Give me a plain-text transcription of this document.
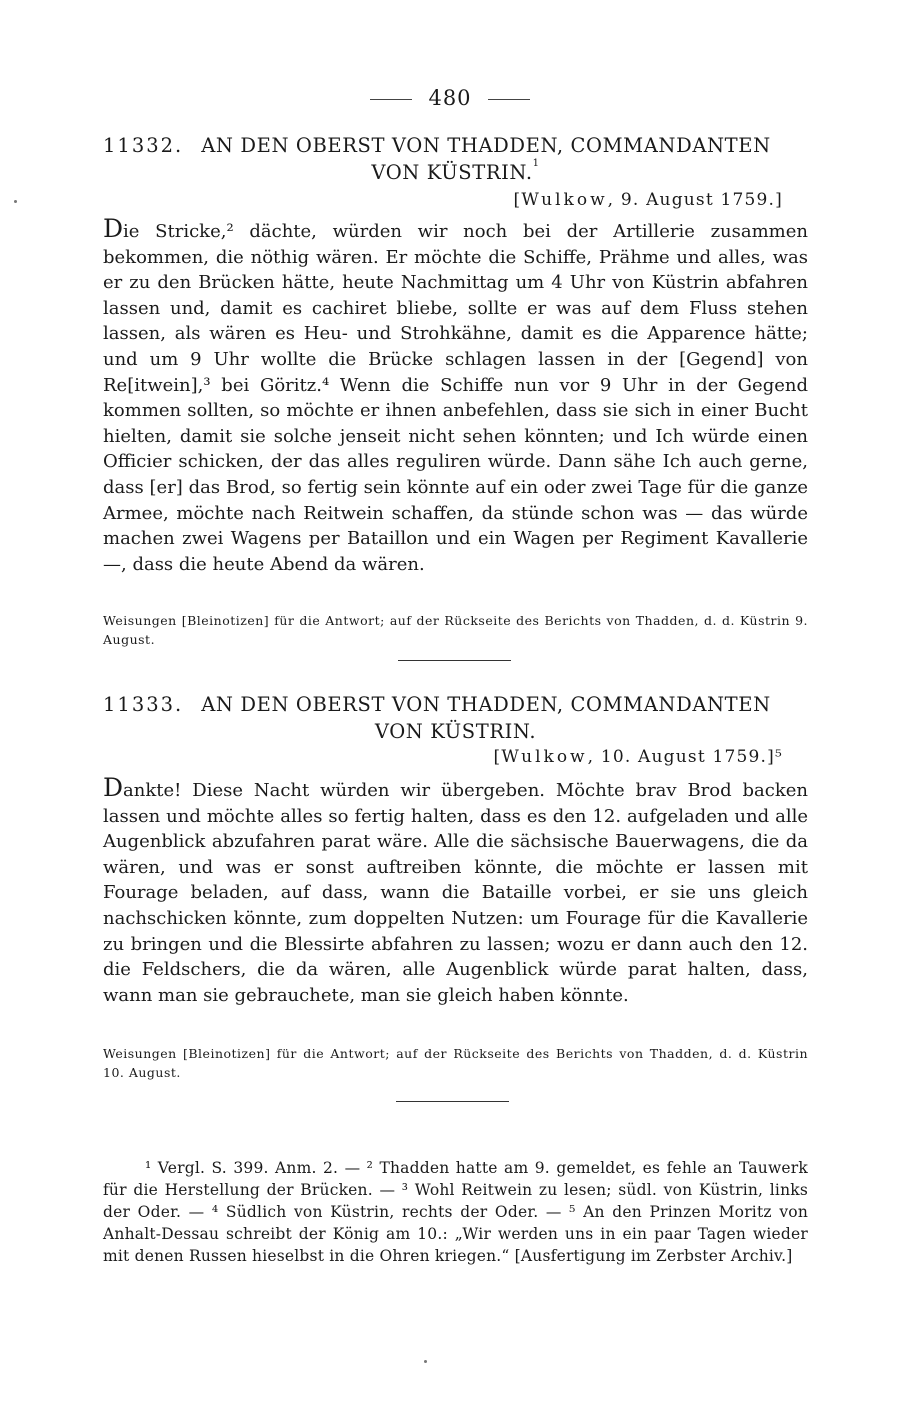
480
11332. AN DEN OBERST VON THADDEN, COMMANDANTEN
VON KÜSTRIN.$^1$
[Wulkow, 9. August 1759.]
Die Stricke,² dächte, würden wir noch bei der Artillerie zusammen bekommen, die nöthig wären. Er möchte die Schiffe, Prähme und alles, was er zu den Brücken hätte, heute Nachmittag um 4 Uhr von Küstrin abfahren lassen und, damit es cachiret bliebe, sollte er was auf dem Fluss stehen lassen, als wären es Heu- und Strohkähne, damit es die Apparence hätte; und um 9 Uhr wollte die Brücke schlagen lassen in der [Gegend] von Re[itwein],³ bei Göritz.⁴ Wenn die Schiffe nun vor 9 Uhr in der Gegend kommen sollten, so möchte er ihnen anbefehlen, dass sie sich in einer Bucht hielten, damit sie solche jenseit nicht sehen könnten; und Ich würde einen Officier schicken, der das alles reguliren würde. Dann sähe Ich auch gerne, dass [er] das Brod, so fertig sein könnte auf ein oder zwei Tage für die ganze Armee, möchte nach Reitwein schaffen, da stünde schon was — das würde machen zwei Wagens per Bataillon und ein Wagen per Regiment Kavallerie —, dass die heute Abend da wären.
Weisungen [Bleinotizen] für die Antwort; auf der Rückseite des Berichts von Thadden, d. d. Küstrin 9. August.
11333. AN DEN OBERST VON THADDEN, COMMANDANTEN
VON KÜSTRIN.
[Wulkow, 10. August 1759.]⁵
Dankte! Diese Nacht würden wir übergeben. Möchte brav Brod backen lassen und möchte alles so fertig halten, dass es den 12. aufgeladen und alle Augenblick abzufahren parat wäre. Alle die sächsische Bauerwagens, die da wären, und was er sonst auftreiben könnte, die möchte er lassen mit Fourage beladen, auf dass, wann die Bataille vorbei, er sie uns gleich nachschicken könnte, zum doppelten Nutzen: um Fourage für die Kavallerie zu bringen und die Blessirte abfahren zu lassen; wozu er dann auch den 12. die Feldschers, die da wären, alle Augenblick würde parat halten, dass, wann man sie gebrauchete, man sie gleich haben könnte.
Weisungen [Bleinotizen] für die Antwort; auf der Rückseite des Berichts von Thadden, d. d. Küstrin 10. August.
¹ Vergl. S. 399. Anm. 2. — ² Thadden hatte am 9. gemeldet, es fehle an Tauwerk für die Herstellung der Brücken. — ³ Wohl Reitwein zu lesen; südl. von Küstrin, links der Oder. — ⁴ Südlich von Küstrin, rechts der Oder. — ⁵ An den Prinzen Moritz von Anhalt-Dessau schreibt der König am 10.: „Wir werden uns in ein paar Tagen wieder mit denen Russen hieselbst in die Ohren kriegen.“ [Ausfertigung im Zerbster Archiv.]
